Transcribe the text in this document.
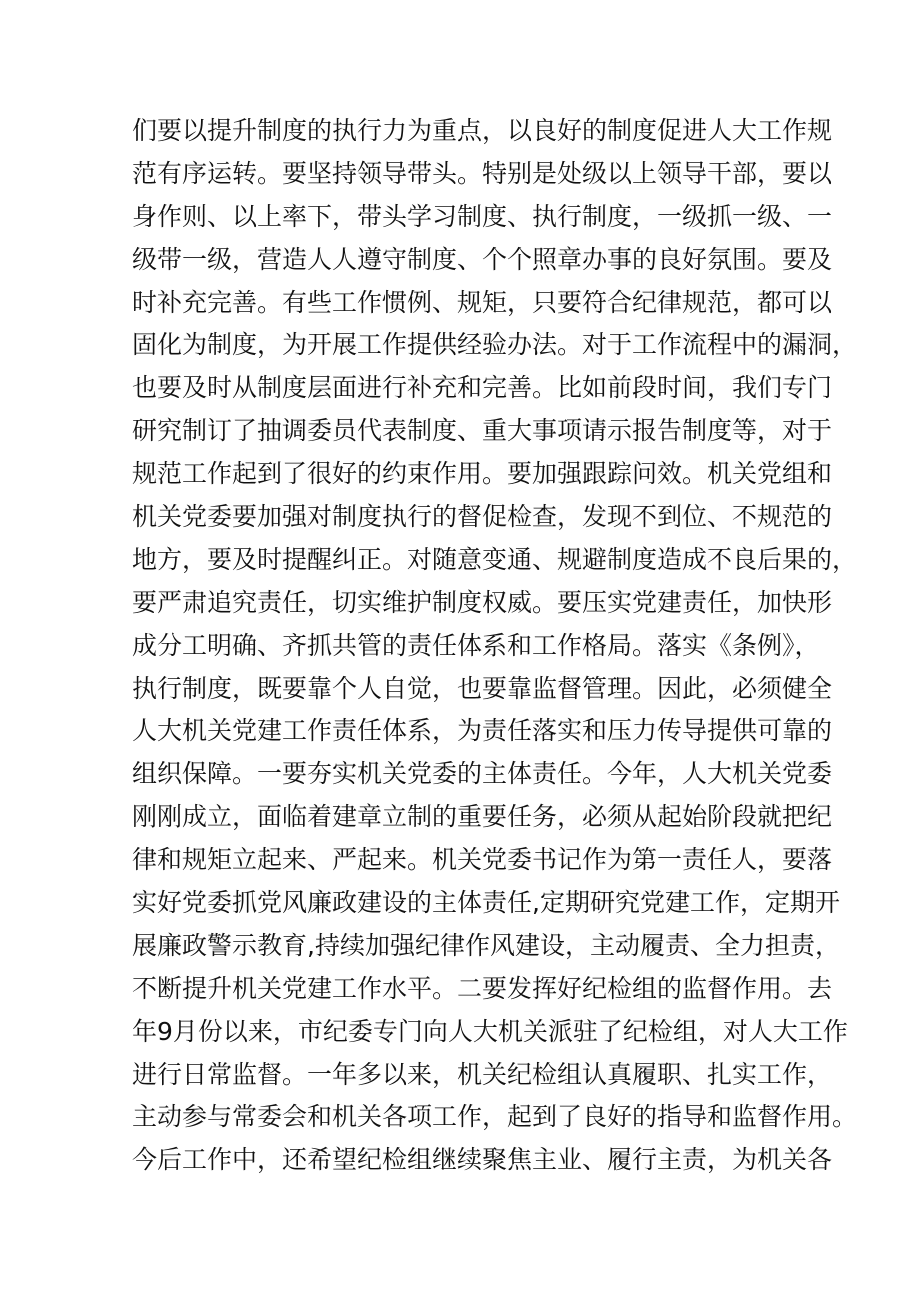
们要以提升制度的执行力为重点，以良好的制度促进人大工作规
范有序运转。要坚持领导带头。特别是处级以上领导干部，要以
身作则、以上率下，带头学习制度、执行制度，一级抓一级、一
级带一级，营造人人遵守制度、个个照章办事的良好氛围。要及
时补充完善。有些工作惯例、规矩，只要符合纪律规范，都可以
固化为制度，为开展工作提供经验办法。对于工作流程中的漏洞，
也要及时从制度层面进行补充和完善。比如前段时间，我们专门
研究制订了抽调委员代表制度、重大事项请示报告制度等，对于
规范工作起到了很好的约束作用。要加强跟踪问效。机关党组和
机关党委要加强对制度执行的督促检查，发现不到位、不规范的
地方，要及时提醒纠正。对随意变通、规避制度造成不良后果的，
要严肃追究责任，切实维护制度权威。要压实党建责任，加快形
成分工明确、齐抓共管的责任体系和工作格局。落实《条例》，
执行制度，既要靠个人自觉，也要靠监督管理。因此，必须健全
人大机关党建工作责任体系，为责任落实和压力传导提供可靠的
组织保障。一要夯实机关党委的主体责任。今年，人大机关党委
刚刚成立，面临着建章立制的重要任务，必须从起始阶段就把纪
律和规矩立起来、严起来。机关党委书记作为第一责任人，要落
实好党委抓党风廉政建设的主体责任,定期研究党建工作，定期开
展廉政警示教育,持续加强纪律作风建设，主动履责、全力担责，
不断提升机关党建工作水平。二要发挥好纪检组的监督作用。去
年9月份以来，市纪委专门向人大机关派驻了纪检组，对人大工作
进行日常监督。一年多以来，机关纪检组认真履职、扎实工作，
主动参与常委会和机关各项工作，起到了良好的指导和监督作用。
今后工作中，还希望纪检组继续聚焦主业、履行主责，为机关各
